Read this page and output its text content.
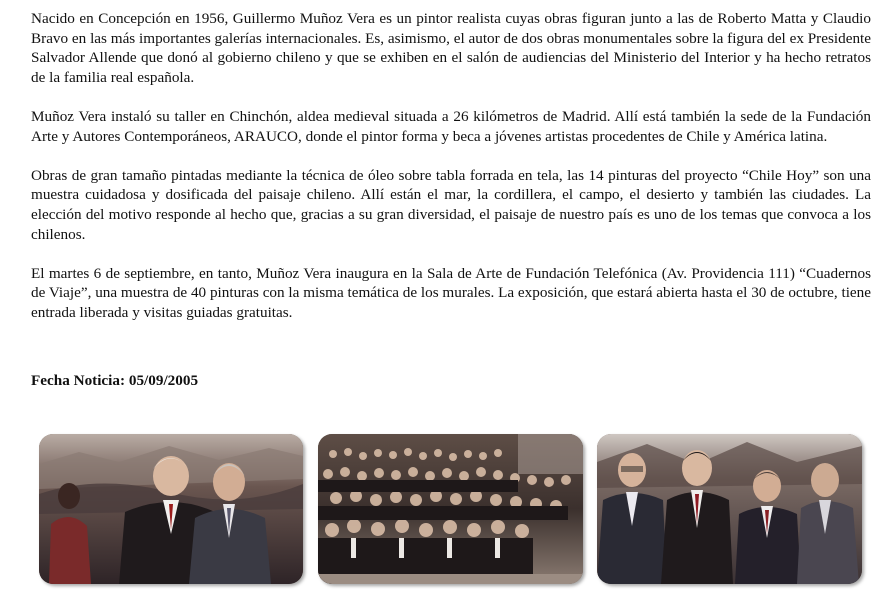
Nacido en Concepción en 1956, Guillermo Muñoz Vera es un pintor realista cuyas obras figuran junto a las de Roberto Matta y Claudio Bravo en las más importantes galerías internacionales. Es, asimismo, el autor de dos obras monumentales sobre la figura del ex Presidente Salvador Allende que donó al gobierno chileno y que se exhiben en el salón de audiencias del Ministerio del Interior y ha hecho retratos de la familia real española.

Muñoz Vera instaló su taller en Chinchón, aldea medieval situada a 26 kilómetros de Madrid. Allí está también la sede de la Fundación Arte y Autores Contemporáneos, ARAUCO, donde el pintor forma y beca a jóvenes artistas procedentes de Chile y América latina.

Obras de gran tamaño pintadas mediante la técnica de óleo sobre tabla forrada en tela, las 14 pinturas del proyecto “Chile Hoy” son una muestra cuidadosa y dosificada del paisaje chileno. Allí están el mar, la cordillera, el campo, el desierto y también las ciudades. La elección del motivo responde al hecho que, gracias a su gran diversidad, el paisaje de nuestro país es uno de los temas que convoca a los chilenos.

El martes 6 de septiembre, en tanto, Muñoz Vera inaugura en la Sala de Arte de Fundación Telefónica (Av. Providencia 111) “Cuadernos de Viaje”, una muestra de 40 pinturas con la misma temática de los murales. La exposición, que estará abierta hasta el 30 de octubre, tiene entrada liberada y visitas guiadas gratuitas.

Fecha Noticia: 05/09/2005
